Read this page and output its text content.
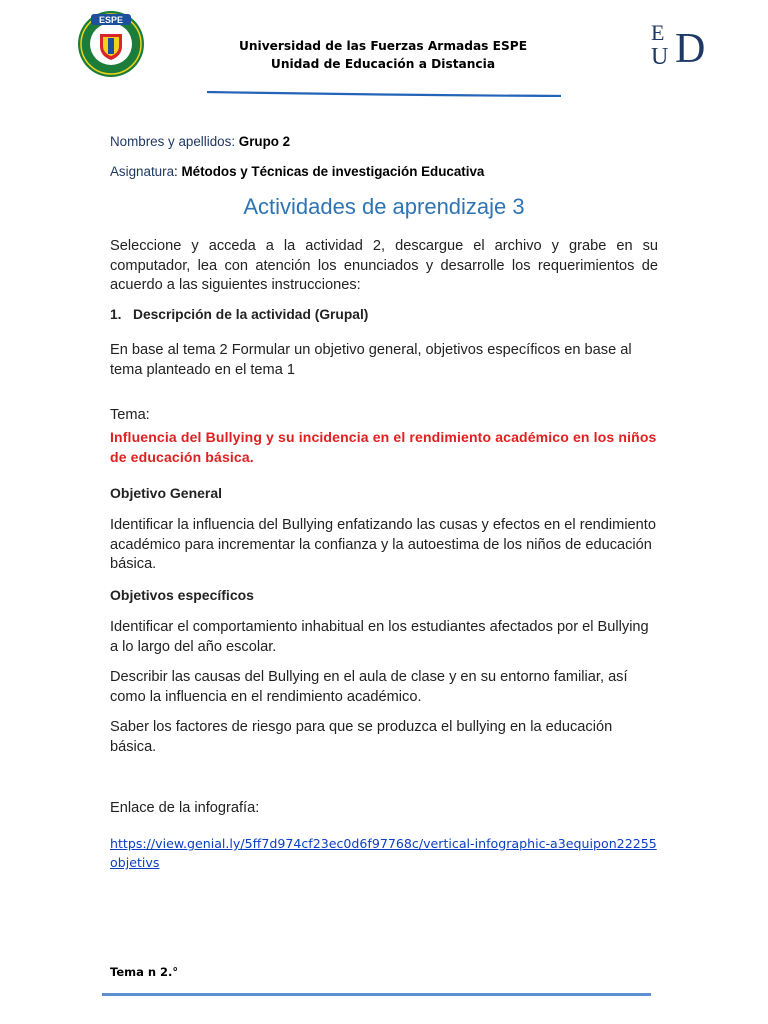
ESPE
Universidad de las Fuerzas Armadas ESPE
Unidad de Educación a Distancia
E
U D
Nombres y apellidos: Grupo 2
Asignatura: Métodos y Técnicas de investigación Educativa
Actividades de aprendizaje 3
Seleccione y acceda a la actividad 2, descargue el archivo y grabe en su computador, lea con atención los enunciados y desarrolle los requerimientos de acuerdo a las siguientes instrucciones:
1. Descripción de la actividad (Grupal)
En base al tema 2 Formular un objetivo general, objetivos específicos en base al tema planteado en el tema 1
Tema:
Influencia del Bullying y su incidencia en el rendimiento académico en los niños de educación básica.
Objetivo General
Identificar la influencia del Bullying enfatizando las cusas y efectos en el rendimiento académico para incrementar la confianza y la autoestima de los niños de educación básica.
Objetivos específicos
Identificar el comportamiento inhabitual en los estudiantes afectados por el Bullying a lo largo del año escolar.
Describir las causas del Bullying en el aula de clase y en su entorno familiar, así como la influencia en el rendimiento académico.
Saber los factores de riesgo para que se produzca el bullying en la educación básica.
Enlace de la infografía:
https://view.genial.ly/5ff7d974cf23ec0d6f97768c/vertical-infographic-a3equipon22255objetivs
Tema n 2.°
